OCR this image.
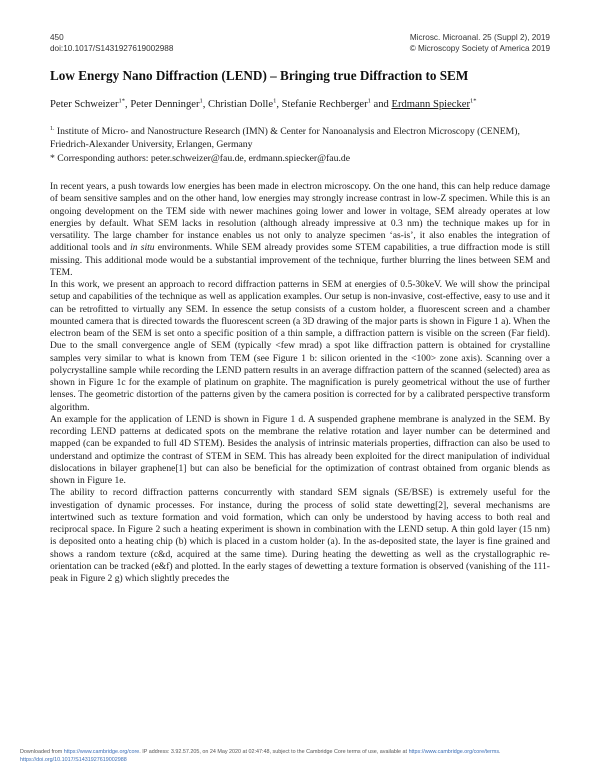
450
doi:10.1017/S1431927619002988
Microsc. Microanal. 25 (Suppl 2), 2019
© Microscopy Society of America 2019
Low Energy Nano Diffraction (LEND) – Bringing true Diffraction to SEM
Peter Schweizer$^{1*}$, Peter Denninger$^1$, Christian Dolle$^1$, Stefanie Rechberger$^1$ and Erdmann Spiecker$^{1*}$
$^{1.}$ Institute of Micro- and Nanostructure Research (IMN) & Center for Nanoanalysis and Electron Microscopy (CENEM), Friedrich-Alexander University, Erlangen, Germany
* Corresponding authors: peter.schweizer@fau.de, erdmann.spiecker@fau.de

In recent years, a push towards low energies has been made in electron microscopy. On the one hand, this can help reduce damage of beam sensitive samples and on the other hand, low energies may strongly increase contrast in low-Z specimen. While this is an ongoing development on the TEM side with newer machines going lower and lower in voltage, SEM already operates at low energies by default. What SEM lacks in resolution (although already impressive at 0.3 nm) the technique makes up for in versatility. The large chamber for instance enables us not only to analyze specimen ‘as-is’, it also enables the integration of additional tools and in situ environments. While SEM already provides some STEM capabilities, a true diffraction mode is still missing. This additional mode would be a substantial improvement of the technique, further blurring the lines between SEM and TEM.

In this work, we present an approach to record diffraction patterns in SEM at energies of 0.5-30keV. We will show the principal setup and capabilities of the technique as well as application examples. Our setup is non-invasive, cost-effective, easy to use and it can be retrofitted to virtually any SEM. In essence the setup consists of a custom holder, a fluorescent screen and a chamber mounted camera that is directed towards the fluorescent screen (a 3D drawing of the major parts is shown in Figure 1 a). When the electron beam of the SEM is set onto a specific position of a thin sample, a diffraction pattern is visible on the screen (Far field). Due to the small convergence angle of SEM (typically <few mrad) a spot like diffraction pattern is obtained for crystalline samples very similar to what is known from TEM (see Figure 1 b: silicon oriented in the <100> zone axis). Scanning over a polycrystalline sample while recording the LEND pattern results in an average diffraction pattern of the scanned (selected) area as shown in Figure 1c for the example of platinum on graphite. The magnification is purely geometrical without the use of further lenses. The geometric distortion of the patterns given by the camera position is corrected for by a calibrated perspective transform algorithm.

An example for the application of LEND is shown in Figure 1 d. A suspended graphene membrane is analyzed in the SEM. By recording LEND patterns at dedicated spots on the membrane the relative rotation and layer number can be determined and mapped (can be expanded to full 4D STEM). Besides the analysis of intrinsic materials properties, diffraction can also be used to understand and optimize the contrast of STEM in SEM. This has already been exploited for the direct manipulation of individual dislocations in bilayer graphene[1] but can also be beneficial for the optimization of contrast obtained from organic blends as shown in Figure 1e.

The ability to record diffraction patterns concurrently with standard SEM signals (SE/BSE) is extremely useful for the investigation of dynamic processes. For instance, during the process of solid state dewetting[2], several mechanisms are intertwined such as texture formation and void formation, which can only be understood by having access to both real and reciprocal space. In Figure 2 such a heating experiment is shown in combination with the LEND setup. A thin gold layer (15 nm) is deposited onto a heating chip (b) which is placed in a custom holder (a). In the as-deposited state, the layer is fine grained and shows a random texture (c&d, acquired at the same time). During heating the dewetting as well as the crystallographic re-orientation can be tracked (e&f) and plotted. In the early stages of dewetting a texture formation is observed (vanishing of the 111-peak in Figure 2 g) which slightly precedes the

Downloaded from https://www.cambridge.org/core. IP address: 3.92.57.205, on 24 May 2020 at 02:47:48, subject to the Cambridge Core terms of use, available at https://www.cambridge.org/core/terms.
https://doi.org/10.1017/S1431927619002988
